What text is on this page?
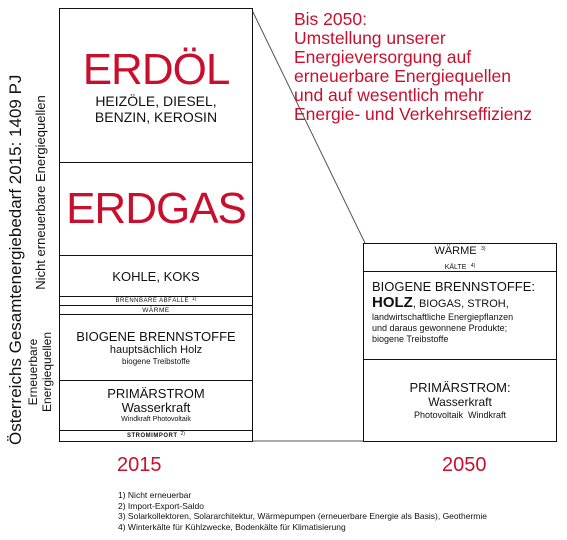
Österreichs Gesamtenergiebedarf 2015: 1409 PJ Nicht erneuerbare Energiequellen
Erneuerbare Energiequellen
ERDÖL
HEIZÖLE, DIESEL,
BENZIN, KEROSIN
ERDGAS
KOHLE, KOKS
BRENNBARE ABFÄLLE 1)
WÄRME
BIOGENE BRENNSTOFFE
hauptsächlich Holz
biogene Treibstoffe
PRIMÄRSTROM
Wasserkraft
Windkraft Photovoltaik
STROMIMPORT 2)
WÄRME $^{3)}$
KÄLTE 4)
BIOGENE BRENNSTOFFE:
HOLZ, BIOGAS, STROH,
landwirtschaftliche Energiepflanzen
und daraus gewonnene Produkte;
biogene Treibstoffe
PRIMÄRSTROM:
Wasserkraft
Photovoltaik  Windkraft
2015	2050
Bis 2050:
Umstellung unserer
Energieversorgung auf
erneuerbare Energiequellen
und auf wesentlich mehr
Energie- und Verkehrseffizienz
1) Nicht erneuerbar
2) Import-Export-Saldo
3) Solarkollektoren, Solararchitektur, Wärmepumpen (erneuerbare Energie als Basis), Geothermie
4) Winterkälte für Kühlzwecke, Bodenkälte für Klimatisierung
